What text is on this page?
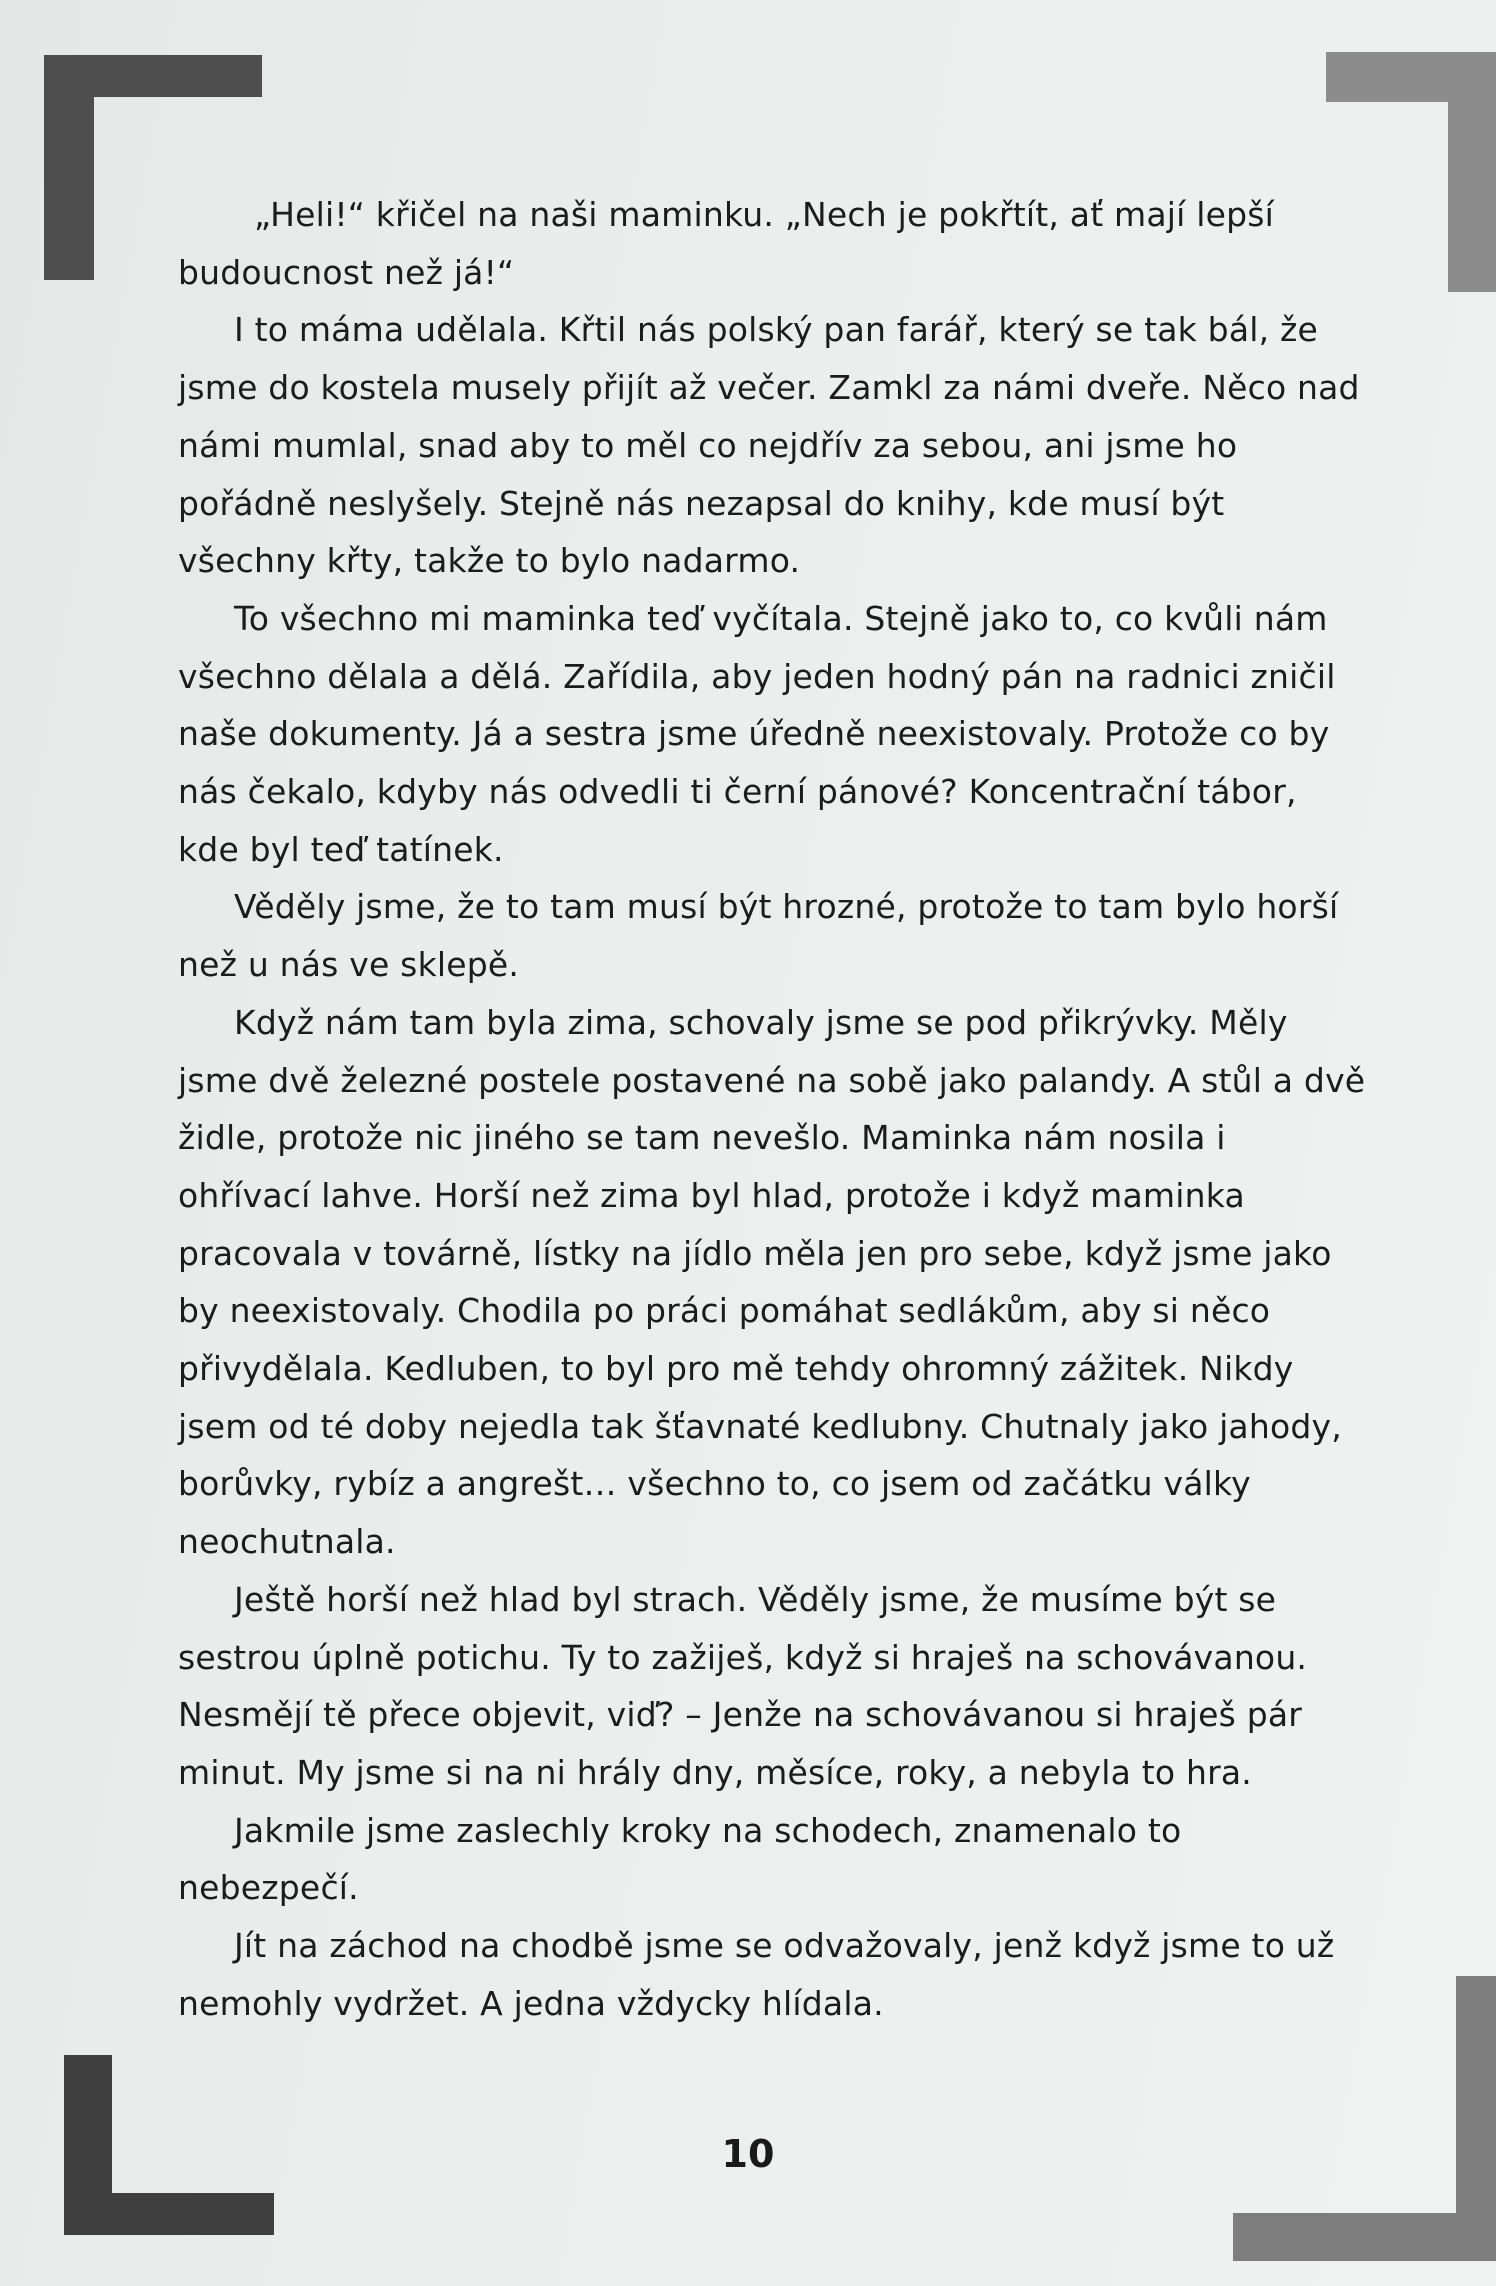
„Heli!“ křičel na naši maminku. „Nech je pokřtít, ať mají lepší budoucnost než já!“

I to máma udělala. Křtil nás polský pan farář, který se tak bál, že jsme do kostela musely přijít až večer. Zamkl za námi dveře. Něco nad námi mumlal, snad aby to měl co nejdřív za sebou, ani jsme ho pořádně neslyšely. Stejně nás nezapsal do knihy, kde musí být všechny křty, takže to bylo nadarmo.

To všechno mi maminka teď vyčítala. Stejně jako to, co kvůli nám všechno dělala a dělá. Zařídila, aby jeden hodný pán na radnici zničil naše dokumenty. Já a sestra jsme úředně neexistovaly. Protože co by nás čekalo, kdyby nás odvedli ti černí pánové? Koncentrační tábor, kde byl teď tatínek.

Věděly jsme, že to tam musí být hrozné, protože to tam bylo horší než u nás ve sklepě.

Když nám tam byla zima, schovaly jsme se pod přikrývky. Měly jsme dvě železné postele postavené na sobě jako palandy. A stůl a dvě židle, protože nic jiného se tam nevešlo. Maminka nám nosila i ohřívací lahve. Horší než zima byl hlad, protože i když maminka pracovala v továrně, lístky na jídlo měla jen pro sebe, když jsme jako by neexistovaly. Chodila po práci pomáhat sedlákům, aby si něco přivydělala. Kedluben, to byl pro mě tehdy ohromný zážitek. Nikdy jsem od té doby nejedla tak šťavnaté kedlubny. Chutnaly jako jahody, borůvky, rybíz a angrešt… všechno to, co jsem od začátku války neochutnala.

Ještě horší než hlad byl strach. Věděly jsme, že musíme být se sestrou úplně potichu. Ty to zažiješ, když si hraješ na schovávanou. Nesmějí tě přece objevit, viď? – Jenže na schovávanou si hraješ pár minut. My jsme si na ni hrály dny, měsíce, roky, a nebyla to hra.

Jakmile jsme zaslechly kroky na schodech, znamenalo to nebezpečí.

Jít na záchod na chodbě jsme se odvažovaly, jenž když jsme to už nemohly vydržet. A jedna vždycky hlídala.

10
